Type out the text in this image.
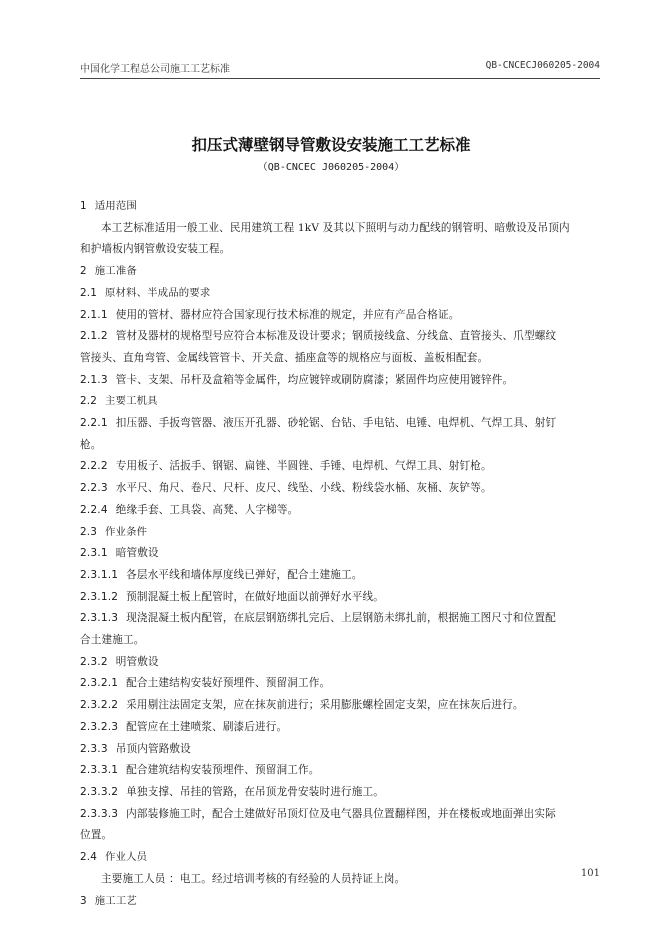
中国化学工程总公司施工工艺标准	QB-CNCECJ060205-2004
扣压式薄壁钢导管敷设安装施工工艺标准
（QB-CNCEC J060205-2004）
1 适用范围
本工艺标准适用一般工业、民用建筑工程 1kV 及其以下照明与动力配线的钢管明、暗敷设及吊顶内
和护墙板内钢管敷设安装工程。
2 施工准备
2.1 原材料、半成品的要求
2.1.1 使用的管材、器材应符合国家现行技术标准的规定，并应有产品合格证。
2.1.2 管材及器材的规格型号应符合本标准及设计要求；钢质接线盒、分线盒、直管接头、爪型螺纹
管接头、直角弯管、金属线管管卡、开关盒、插座盒等的规格应与面板、盖板相配套。
2.1.3 管卡、支架、吊杆及盒箱等金属件，均应镀锌或刷防腐漆；紧固件均应使用镀锌件。
2.2 主要工机具
2.2.1 扣压器、手扳弯管器、液压开孔器、砂轮锯、台钻、手电钻、电锤、电焊机、气焊工具、射钉
枪。
2.2.2 专用板子、活扳手、钢锯、扁锉、半圆锉、手锤、电焊机、气焊工具、射钉枪。
2.2.3 水平尺、角尺、卷尺、尺杆、皮尺、线坠、小线、粉线袋水桶、灰桶、灰铲等。
2.2.4 绝缘手套、工具袋、高凳、人字梯等。
2.3 作业条件
2.3.1 暗管敷设
2.3.1.1 各层水平线和墙体厚度线已弹好，配合土建施工。
2.3.1.2 预制混凝土板上配管时，在做好地面以前弹好水平线。
2.3.1.3 现浇混凝土板内配管，在底层钢筋绑扎完后、上层钢筋未绑扎前，根据施工图尺寸和位置配
合土建施工。
2.3.2 明管敷设
2.3.2.1 配合土建结构安装好预埋件、预留洞工作。
2.3.2.2 采用剔注法固定支架，应在抹灰前进行；采用膨胀螺栓固定支架，应在抹灰后进行。
2.3.2.3 配管应在土建喷浆、刷漆后进行。
2.3.3 吊顶内管路敷设
2.3.3.1 配合建筑结构安装预埋件、预留洞工作。
2.3.3.2 单独支撑、吊挂的管路，在吊顶龙骨安装时进行施工。
2.3.3.3 内部装修施工时，配合土建做好吊顶灯位及电气器具位置翻样图，并在楼板或地面弹出实际
位置。
2.4 作业人员
主要施工人员 ：电工。经过培训考核的有经验的人员持证上岗。
3 施工工艺
101
